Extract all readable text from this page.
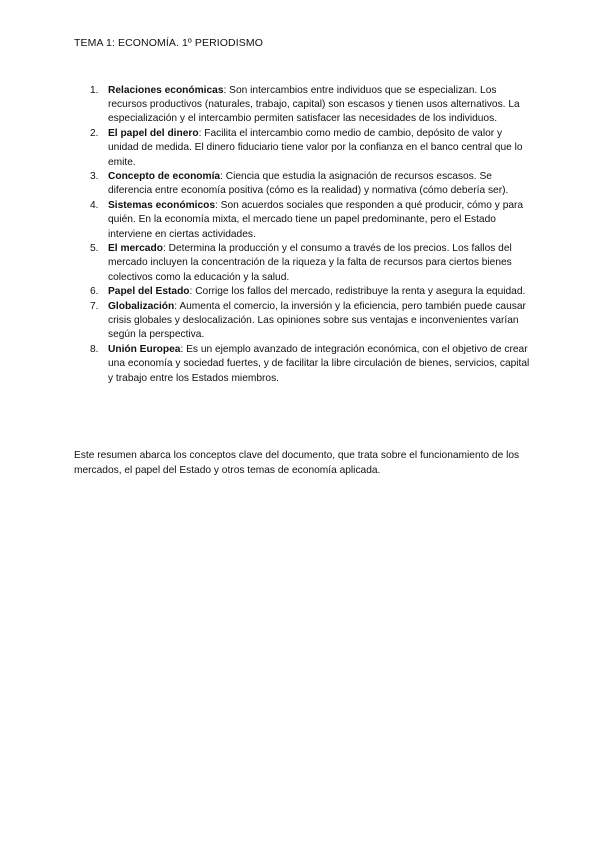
TEMA 1: ECONOMÍA. 1º PERIODISMO
1. Relaciones económicas: Son intercambios entre individuos que se especializan. Los recursos productivos (naturales, trabajo, capital) son escasos y tienen usos alternativos. La especialización y el intercambio permiten satisfacer las necesidades de los individuos.
2. El papel del dinero: Facilita el intercambio como medio de cambio, depósito de valor y unidad de medida. El dinero fiduciario tiene valor por la confianza en el banco central que lo emite.
3. Concepto de economía: Ciencia que estudia la asignación de recursos escasos. Se diferencia entre economía positiva (cómo es la realidad) y normativa (cómo debería ser).
4. Sistemas económicos: Son acuerdos sociales que responden a qué producir, cómo y para quién. En la economía mixta, el mercado tiene un papel predominante, pero el Estado interviene en ciertas actividades.
5. El mercado: Determina la producción y el consumo a través de los precios. Los fallos del mercado incluyen la concentración de la riqueza y la falta de recursos para ciertos bienes colectivos como la educación y la salud.
6. Papel del Estado: Corrige los fallos del mercado, redistribuye la renta y asegura la equidad.
7. Globalización: Aumenta el comercio, la inversión y la eficiencia, pero también puede causar crisis globales y deslocalización. Las opiniones sobre sus ventajas e inconvenientes varían según la perspectiva.
8. Unión Europea: Es un ejemplo avanzado de integración económica, con el objetivo de crear una economía y sociedad fuertes, y de facilitar la libre circulación de bienes, servicios, capital y trabajo entre los Estados miembros.

Este resumen abarca los conceptos clave del documento, que trata sobre el funcionamiento de los mercados, el papel del Estado y otros temas de economía aplicada.
